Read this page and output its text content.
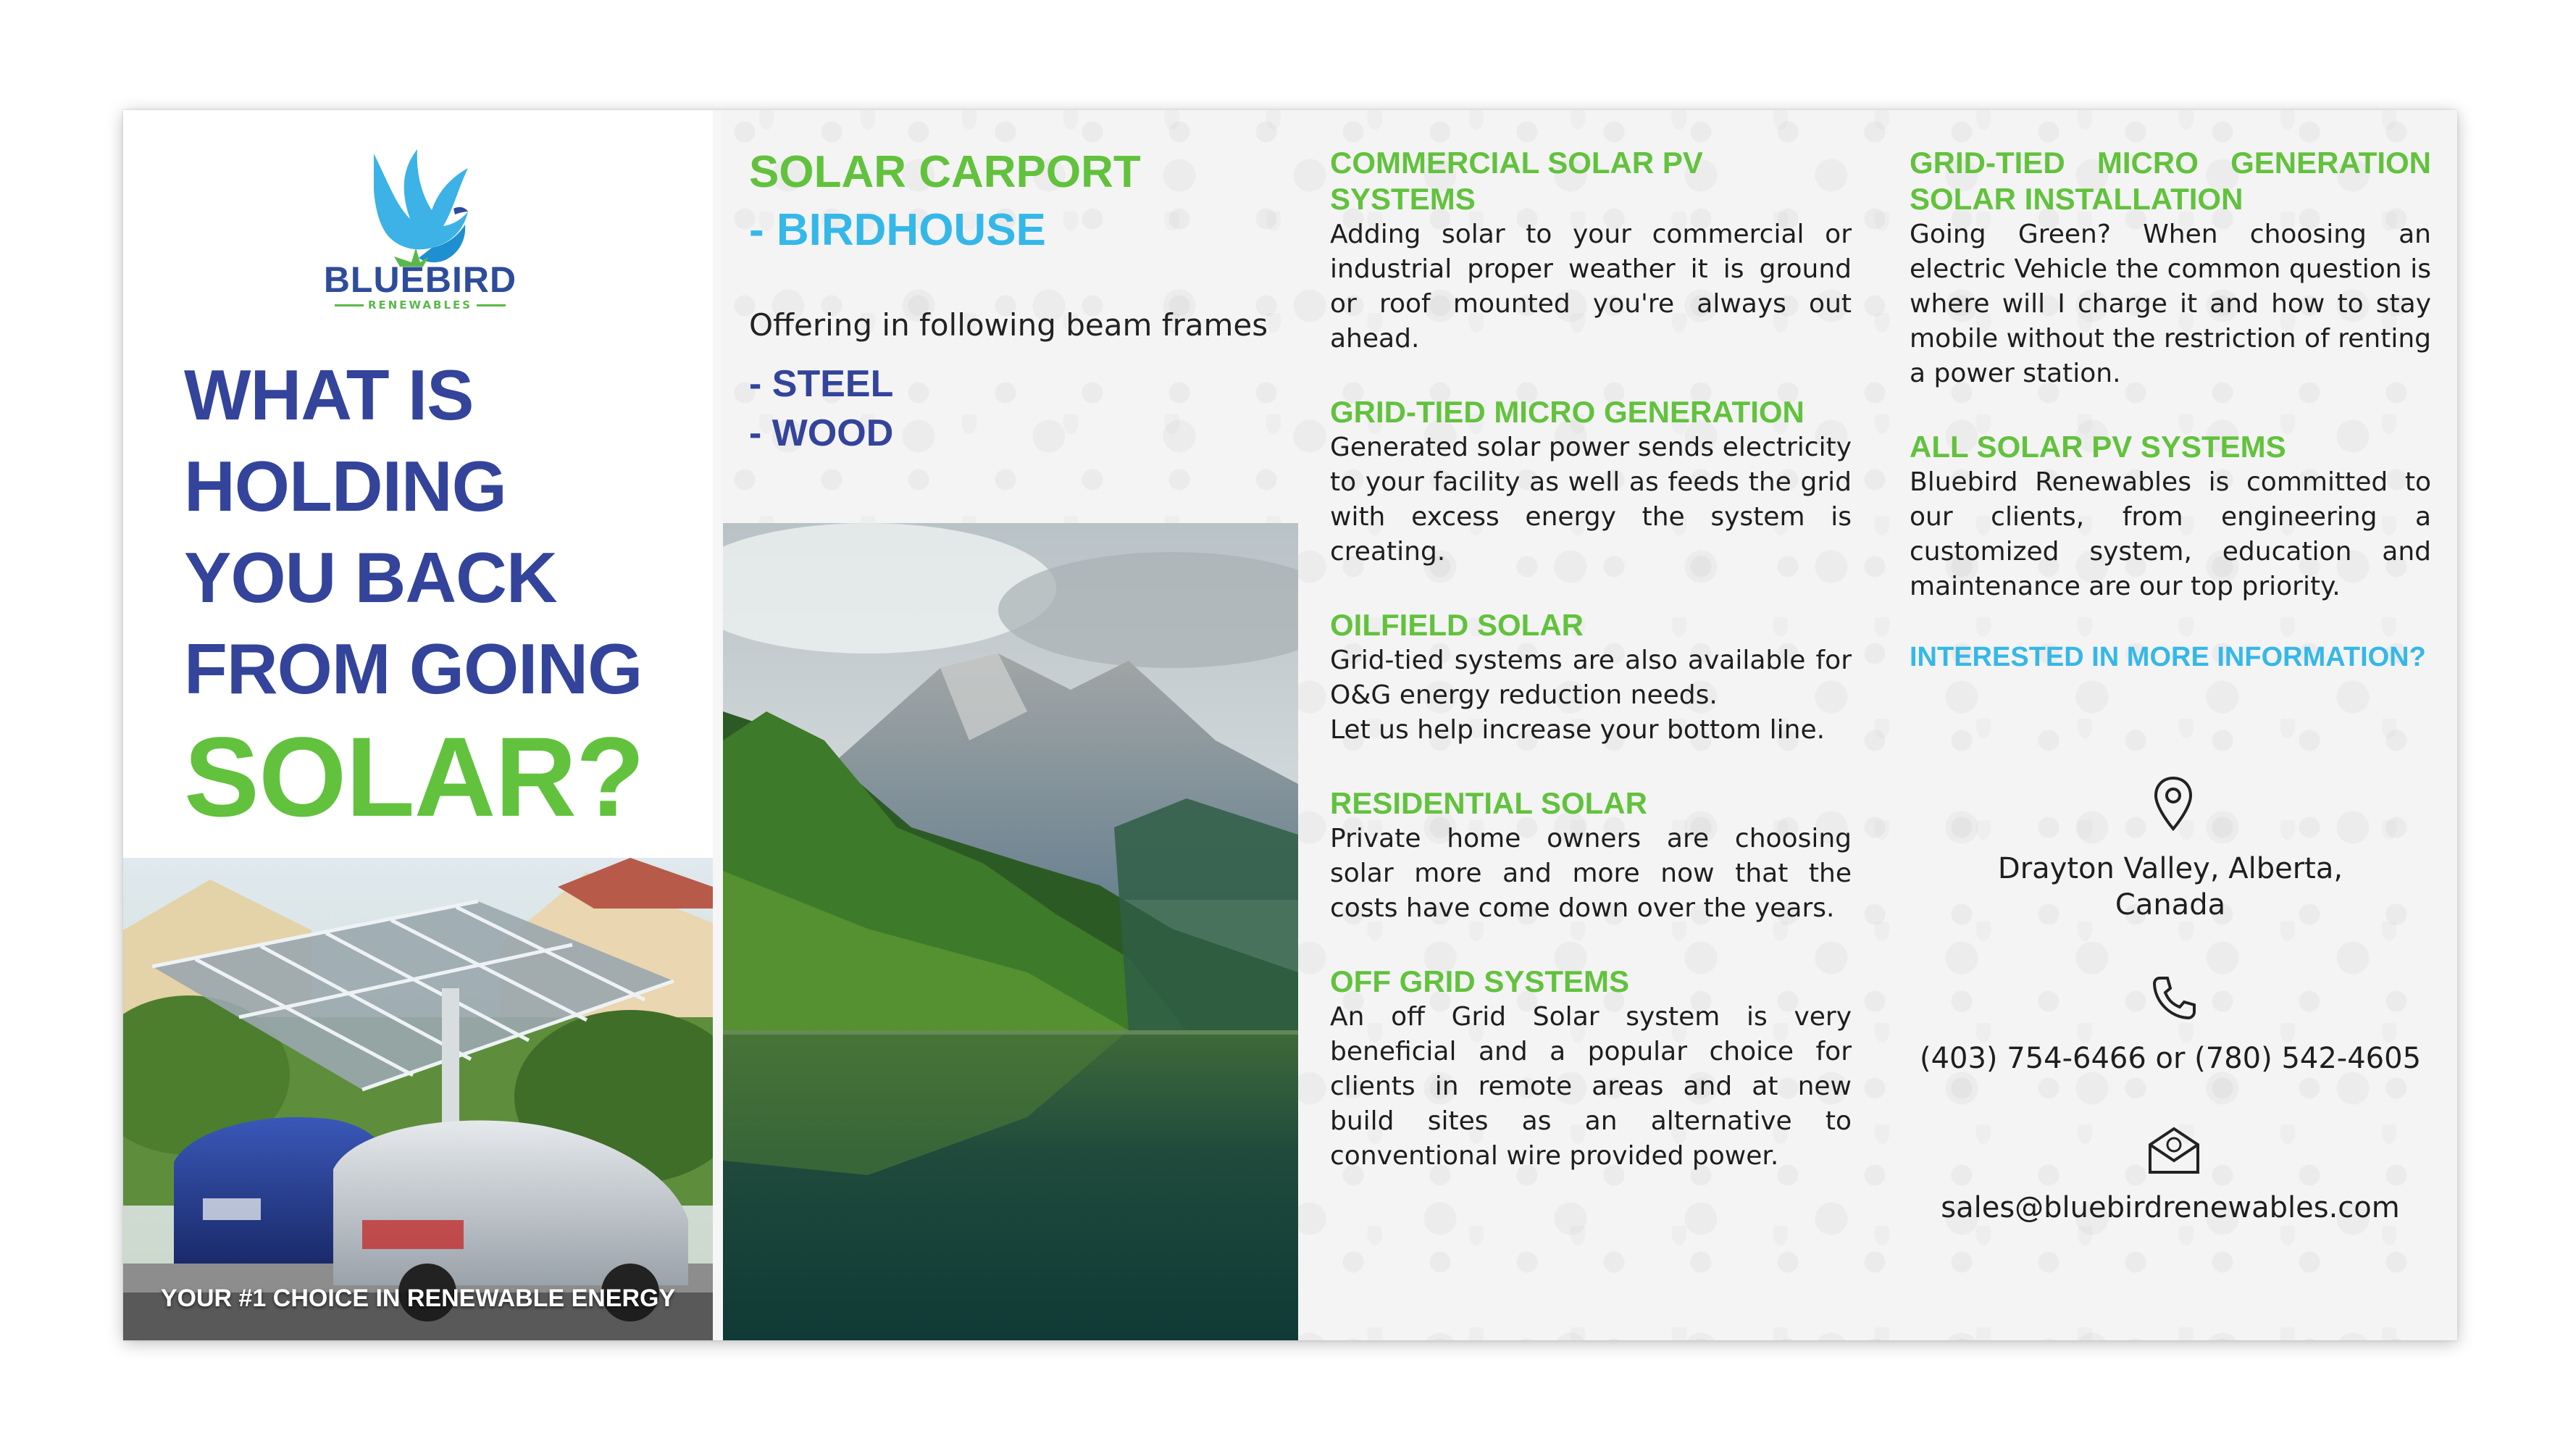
BLUEBIRD
RENEWABLES
WHAT IS
HOLDING
YOU BACK
FROM GOING
SOLAR?
YOUR #1 CHOICE IN RENEWABLE ENERGY
SOLAR CARPORT
- BIRDHOUSE
Offering in following beam frames
- STEEL
- WOOD

COMMERCIAL SOLAR PV SYSTEMS

Adding solar to your commercial or industrial proper weather it is ground or roof mounted you're always out ahead.

GRID-TIED MICRO GENERATION

Generated solar power sends electricity to your facility as well as feeds the grid with excess energy the system is creating.

OILFIELD SOLAR

Grid-tied systems are also available for O&G energy reduction needs.

Let us help increase your bottom line.

RESIDENTIAL SOLAR

Private home owners are choosing solar more and more now that the costs have come down over the years.

OFF GRID SYSTEMS

An off Grid Solar system is very beneficial and a popular choice for clients in remote areas and at new build sites as an alternative to conventional wire provided power.

GRID-TIED MICRO GENERATION SOLAR INSTALLATION

Going Green? When choosing an electric Vehicle the common question is where will I charge it and how to stay mobile without the restriction of renting a power station.

ALL SOLAR PV SYSTEMS

Bluebird Renewables is committed to our clients, from engineering a customized system, education and maintenance are our top priority.

INTERESTED IN MORE INFORMATION?

Drayton Valley, Alberta,
Canada
(403) 754-6466 or (780) 542-4605
sales@bluebirdrenewables.com
